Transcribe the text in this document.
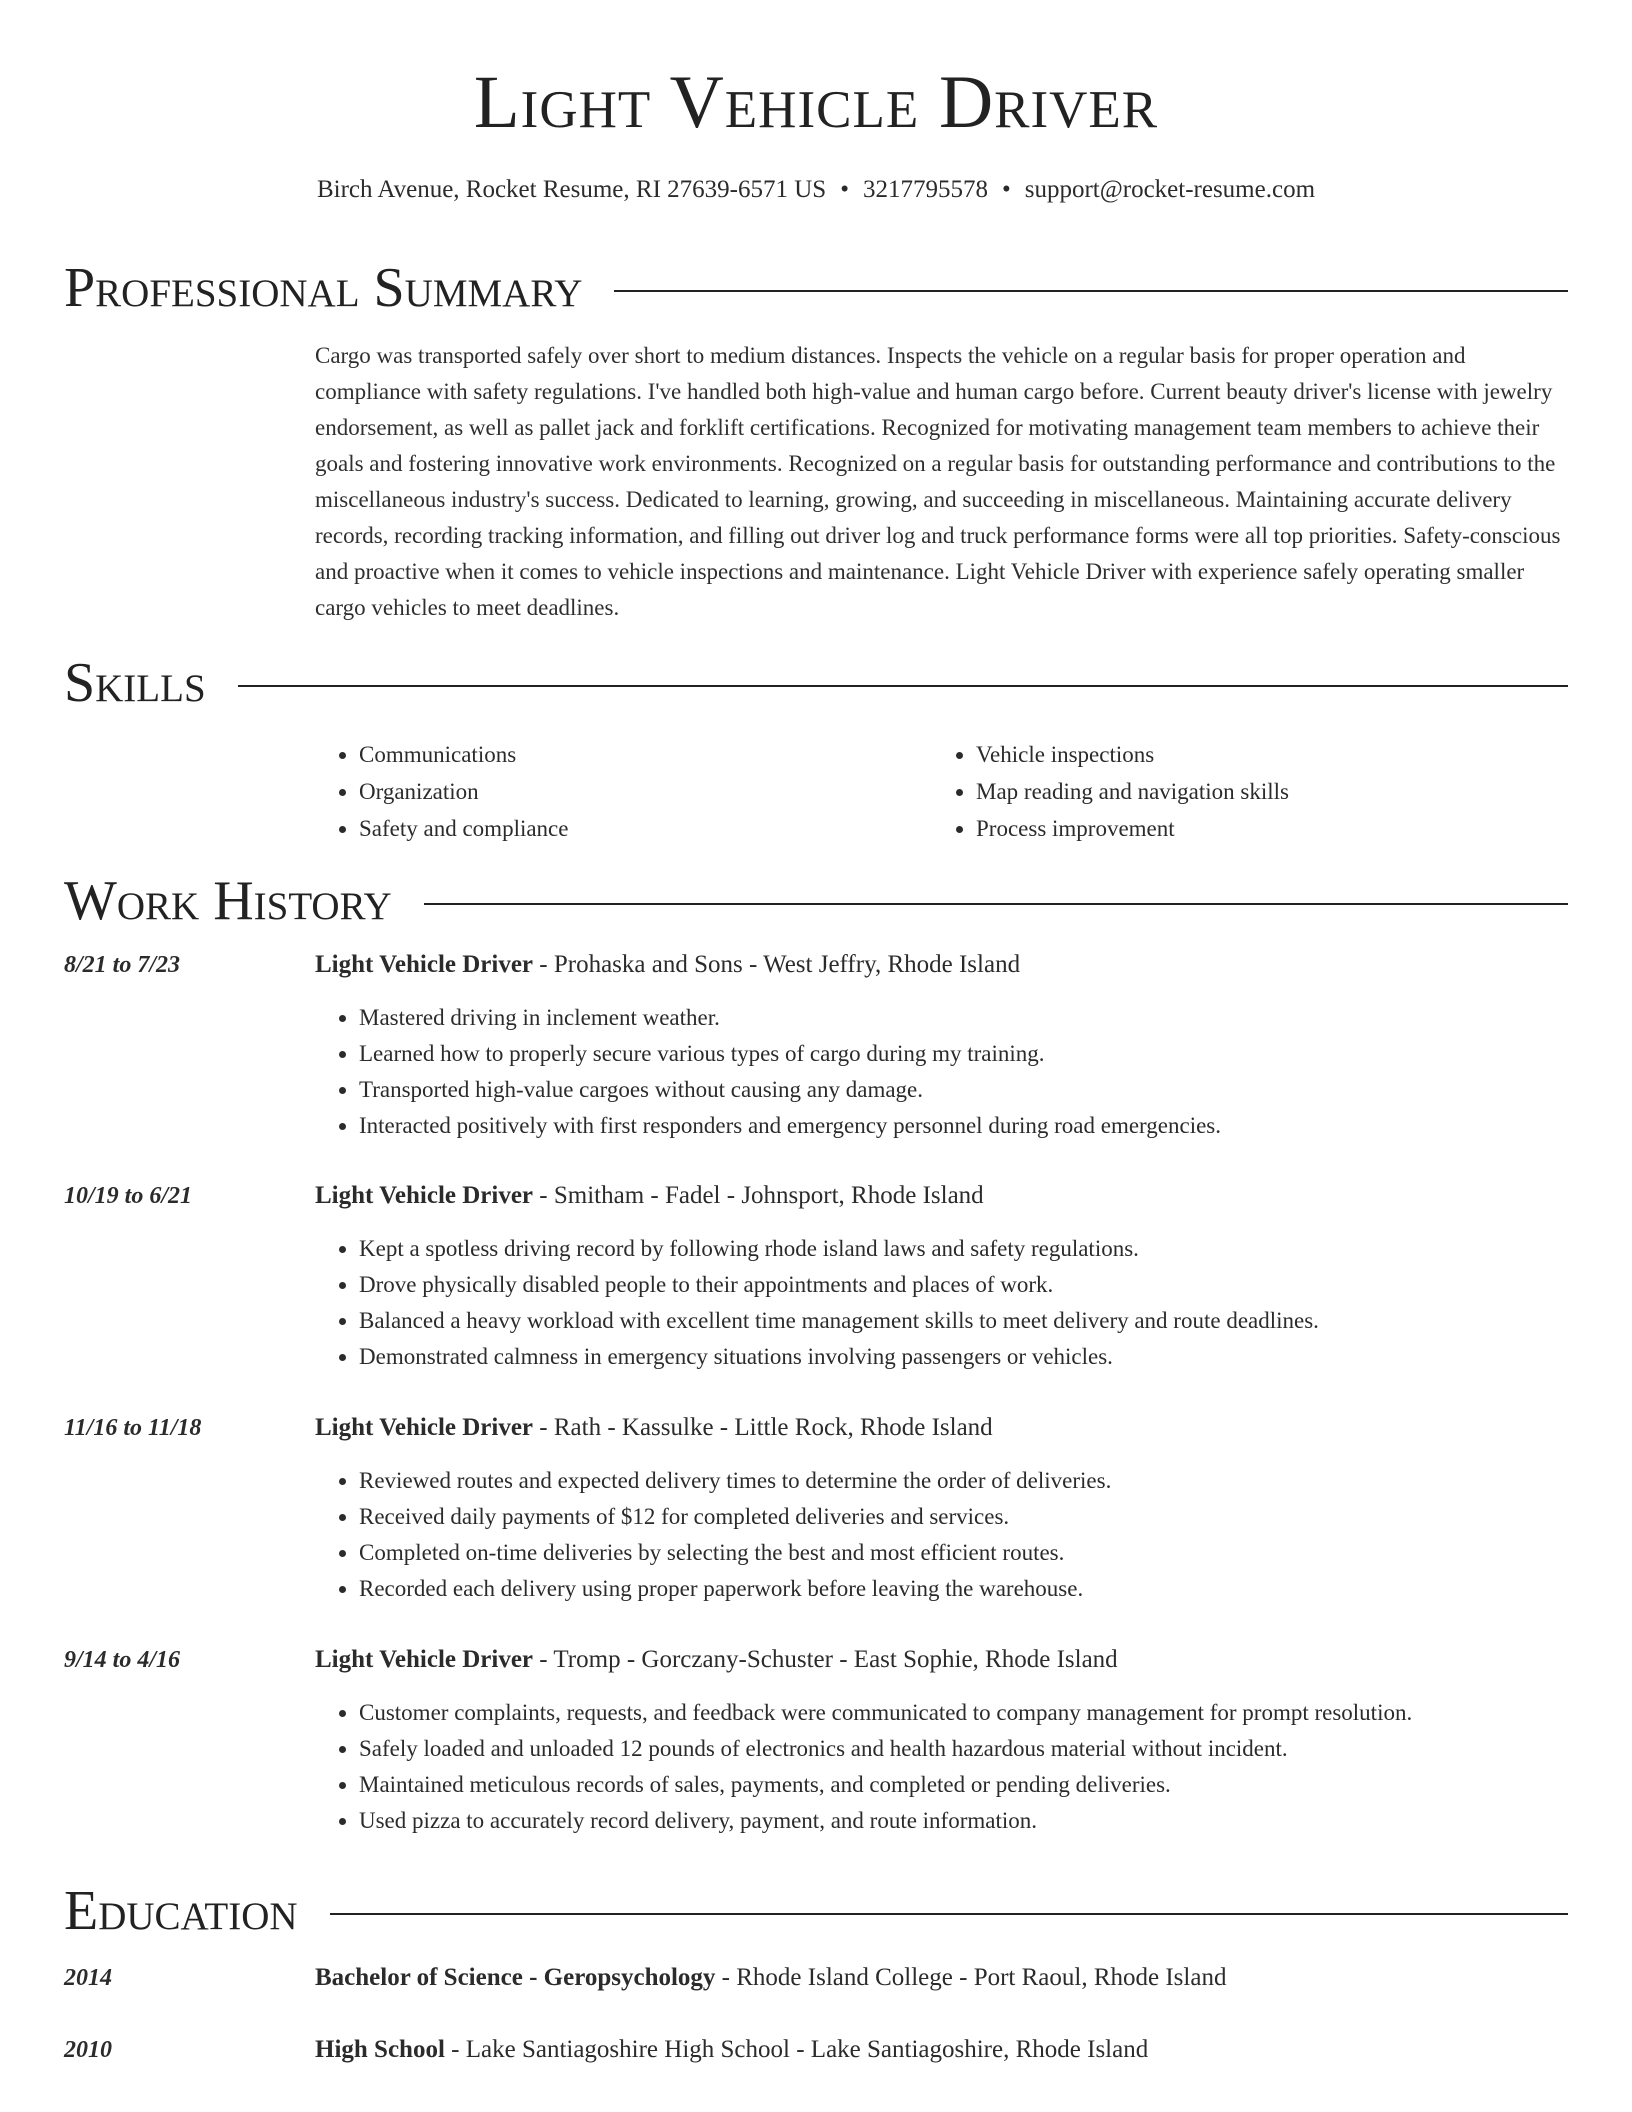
Light Vehicle Driver
Birch Avenue, Rocket Resume, RI 27639-6571 US • 3217795578 • support@rocket-resume.com
Professional Summary

Cargo was transported safely over short to medium distances. Inspects the vehicle on a regular basis for proper operation and compliance with safety regulations. I've handled both high-value and human cargo before. Current beauty driver's license with jewelry endorsement, as well as pallet jack and forklift certifications. Recognized for motivating management team members to achieve their goals and fostering innovative work environments. Recognized on a regular basis for outstanding performance and contributions to the miscellaneous industry's success. Dedicated to learning, growing, and succeeding in miscellaneous. Maintaining accurate delivery records, recording tracking information, and filling out driver log and truck performance forms were all top priorities. Safety-conscious and proactive when it comes to vehicle inspections and maintenance. Light Vehicle Driver with experience safely operating smaller cargo vehicles to meet deadlines.

Skills
• Communications
• Organization
• Safety and compliance
• Vehicle inspections
• Map reading and navigation skills
• Process improvement
Work History
8/21 to 7/23	Light Vehicle Driver - Prohaska and Sons - West Jeffry, Rhode Island
• Mastered driving in inclement weather.
• Learned how to properly secure various types of cargo during my training.
• Transported high-value cargoes without causing any damage.
• Interacted positively with first responders and emergency personnel during road emergencies.
10/19 to 6/21	Light Vehicle Driver - Smitham - Fadel - Johnsport, Rhode Island
• Kept a spotless driving record by following rhode island laws and safety regulations.
• Drove physically disabled people to their appointments and places of work.
• Balanced a heavy workload with excellent time management skills to meet delivery and route deadlines.
• Demonstrated calmness in emergency situations involving passengers or vehicles.
11/16 to 11/18	Light Vehicle Driver - Rath - Kassulke - Little Rock, Rhode Island
• Reviewed routes and expected delivery times to determine the order of deliveries.
• Received daily payments of $12 for completed deliveries and services.
• Completed on-time deliveries by selecting the best and most efficient routes.
• Recorded each delivery using proper paperwork before leaving the warehouse.
9/14 to 4/16	Light Vehicle Driver - Tromp - Gorczany-Schuster - East Sophie, Rhode Island
• Customer complaints, requests, and feedback were communicated to company management for prompt resolution.
• Safely loaded and unloaded 12 pounds of electronics and health hazardous material without incident.
• Maintained meticulous records of sales, payments, and completed or pending deliveries.
• Used pizza to accurately record delivery, payment, and route information.
Education
2014	Bachelor of Science - Geropsychology - Rhode Island College - Port Raoul, Rhode Island
2010	High School - Lake Santiagoshire High School - Lake Santiagoshire, Rhode Island
